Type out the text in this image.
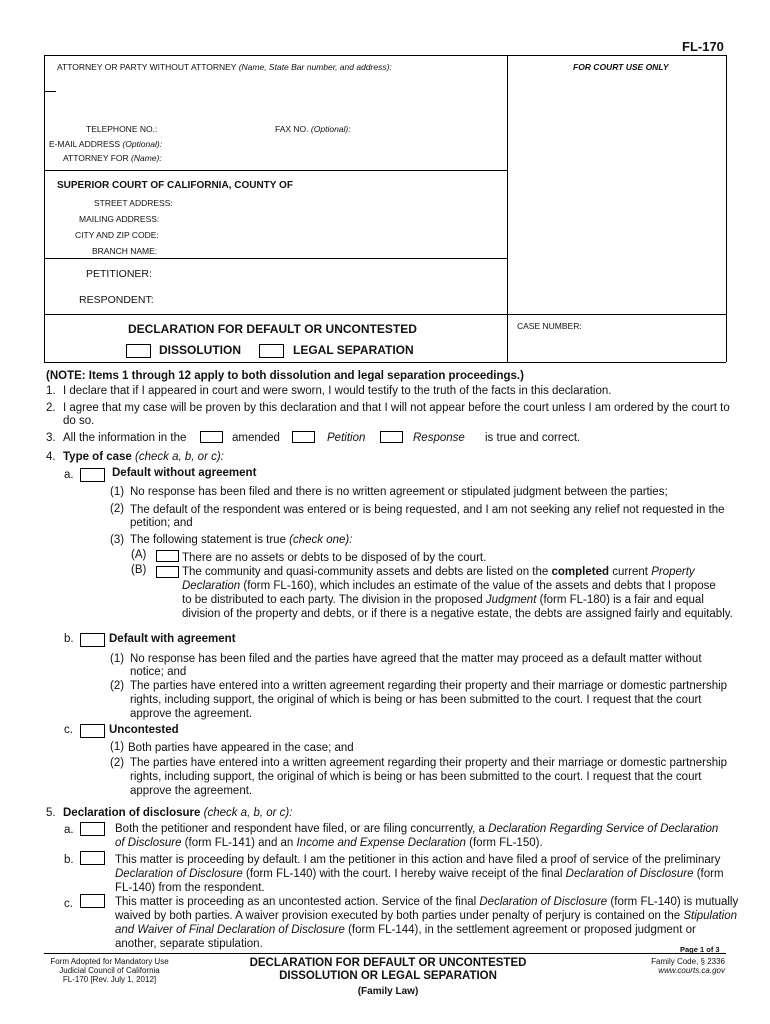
FL-170
ATTORNEY OR PARTY WITHOUT ATTORNEY (Name, State Bar number, and address):	FOR COURT USE ONLY
TELEPHONE NO.:	FAX NO. (Optional):
E-MAIL ADDRESS (Optional):
ATTORNEY FOR (Name):
SUPERIOR COURT OF CALIFORNIA, COUNTY OF
STREET ADDRESS:
MAILING ADDRESS:
CITY AND ZIP CODE:
BRANCH NAME:
PETITIONER:
RESPONDENT:
DECLARATION FOR DEFAULT OR UNCONTESTED
DISSOLUTION	LEGAL SEPARATION
CASE NUMBER:
(NOTE: Items 1 through 12 apply to both dissolution and legal separation proceedings.)
1. I declare that if I appeared in court and were sworn, I would testify to the truth of the facts in this declaration.
2. I agree that my case will be proven by this declaration and that I will not appear before the court unless I am ordered by the court to
do so.
3. All the information in the	amended	Petition	Response is true and correct.
4. Type of case (check a, b, or c):
a.	Default without agreement
(1) No response has been filed and there is no written agreement or stipulated judgment between the parties;
(2) The default of the respondent was entered or is being requested, and I am not seeking any relief not requested in the
petition; and
(3) The following statement is true (check one):
(A)	There are no assets or debts to be disposed of by the court.
(B)	The community and quasi-community assets and debts are listed on the completed current Property
Declaration (form FL-160), which includes an estimate of the value of the assets and debts that I propose
to be distributed to each party. The division in the proposed Judgment (form FL-180) is a fair and equal
division of the property and debts, or if there is a negative estate, the debts are assigned fairly and equitably.
b.	Default with agreement
(1) No response has been filed and the parties have agreed that the matter may proceed as a default matter without
notice; and
(2) The parties have entered into a written agreement regarding their property and their marriage or domestic partnership
rights, including support, the original of which is being or has been submitted to the court. I request that the court
approve the agreement.
c.	Uncontested
(1) Both parties have appeared in the case; and
(2) The parties have entered into a written agreement regarding their property and their marriage or domestic partnership
rights, including support, the original of which is being or has been submitted to the court. I request that the court
approve the agreement.
5. Declaration of disclosure (check a, b, or c):
a.	Both the petitioner and respondent have filed, or are filing concurrently, a Declaration Regarding Service of Declaration
of Disclosure (form FL-141) and an Income and Expense Declaration (form FL-150).
b.	This matter is proceeding by default. I am the petitioner in this action and have filed a proof of service of the preliminary
Declaration of Disclosure (form FL-140) with the court. I hereby waive receipt of the final Declaration of Disclosure (form
FL-140) from the respondent.
c.	This matter is proceeding as an uncontested action. Service of the final Declaration of Disclosure (form FL-140) is mutually
waived by both parties. A waiver provision executed by both parties under penalty of perjury is contained on the Stipulation
and Waiver of Final Declaration of Disclosure (form FL-144), in the settlement agreement or proposed judgment or
another, separate stipulation.	Page 1 of 3
Form Adopted for Mandatory Use
Judicial Council of California
FL-170 [Rev. July 1, 2012]
DECLARATION FOR DEFAULT OR UNCONTESTED
DISSOLUTION OR LEGAL SEPARATION
(Family Law)
Family Code, § 2336
www.courts.ca.gov
